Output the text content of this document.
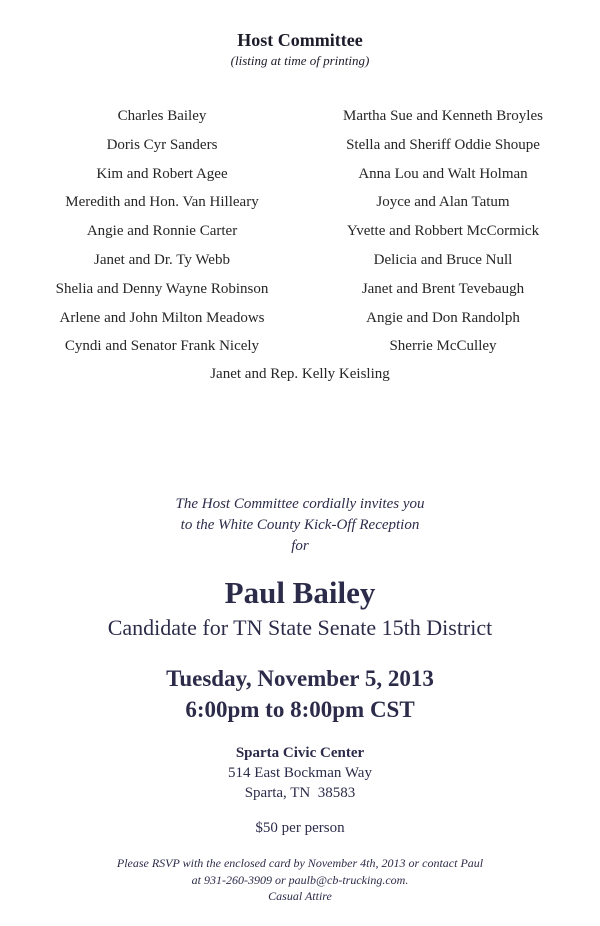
Host Committee
(listing at time of printing)
Charles Bailey
Doris Cyr Sanders
Kim and Robert Agee
Meredith and Hon. Van Hilleary
Angie and Ronnie Carter
Janet and Dr. Ty Webb
Shelia and Denny Wayne Robinson
Arlene and John Milton Meadows
Cyndi and Senator Frank Nicely
Martha Sue and Kenneth Broyles
Stella and Sheriff Oddie Shoupe
Anna Lou and Walt Holman
Joyce and Alan Tatum
Yvette and Robbert McCormick
Delicia and Bruce Null
Janet and Brent Tevebaugh
Angie and Don Randolph
Sherrie McCulley
Janet and Rep. Kelly Keisling
The Host Committee cordially invites you
to the White County Kick-Off Reception
for
Paul Bailey
Candidate for TN State Senate 15th District
Tuesday, November 5, 2013
6:00pm to 8:00pm CST
Sparta Civic Center
514 East Bockman Way
Sparta, TN  38583
$50 per person
Please RSVP with the enclosed card by November 4th, 2013 or contact Paul
at 931-260-3909 or paulb@cb-trucking.com.
Casual Attire
